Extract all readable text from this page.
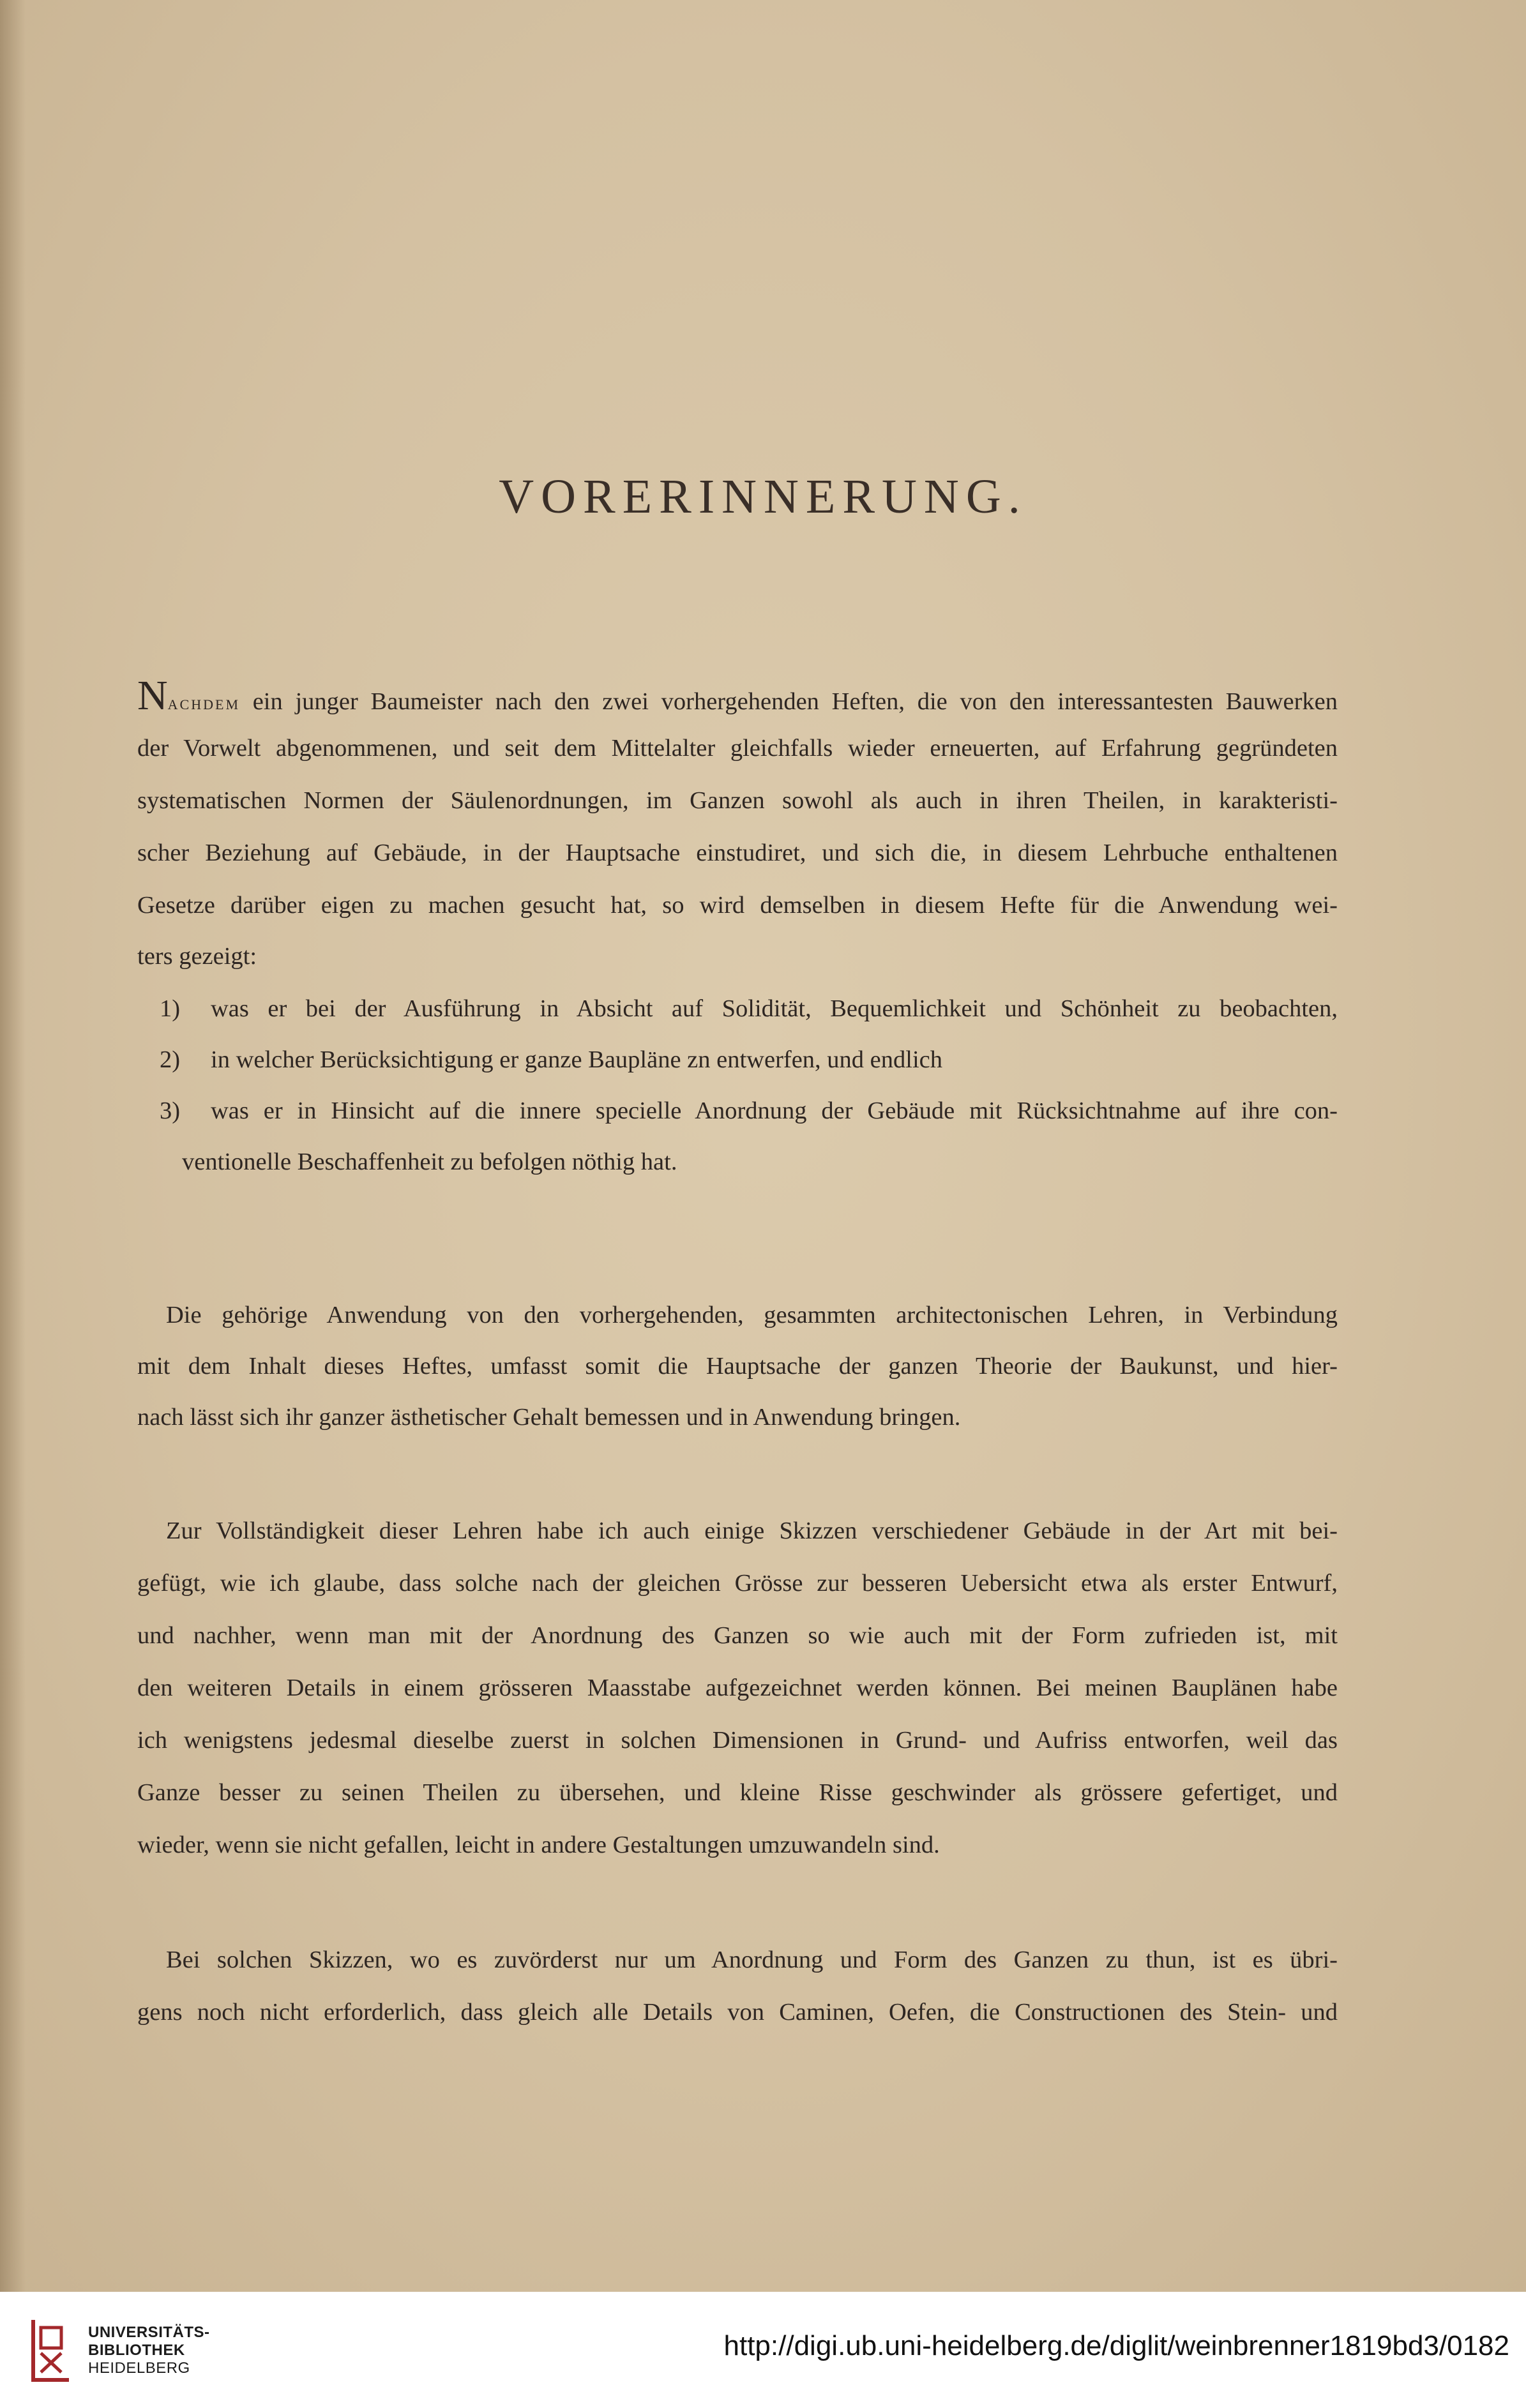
VORERINNERUNG.
Nachdem ein junger Baumeister nach den zwei vorhergehenden Heften, die von den interessantesten Bauwerken
der Vorwelt abgenommenen, und seit dem Mittelalter gleichfalls wieder erneuerten, auf Erfahrung gegründeten
systematischen Normen der Säulenordnungen, im Ganzen sowohl als auch in ihren Theilen, in karakteristi-
scher Beziehung auf Gebäude, in der Hauptsache einstudiret, und sich die, in diesem Lehrbuche enthaltenen
Gesetze darüber eigen zu machen gesucht hat, so wird demselben in diesem Hefte für die Anwendung wei-
ters gezeigt:
1) was er bei der Ausführung in Absicht auf Solidität, Bequemlichkeit und Schönheit zu beobachten,
2) in welcher Berücksichtigung er ganze Baupläne zn entwerfen, und endlich
3) was er in Hinsicht auf die innere specielle Anordnung der Gebäude mit Rücksichtnahme auf ihre con-
ventionelle Beschaffenheit zu befolgen nöthig hat.
Die gehörige Anwendung von den vorhergehenden, gesammten architectonischen Lehren, in Verbindung
mit dem Inhalt dieses Heftes, umfasst somit die Hauptsache der ganzen Theorie der Baukunst, und hier-
nach lässt sich ihr ganzer ästhetischer Gehalt bemessen und in Anwendung bringen.
Zur Vollständigkeit dieser Lehren habe ich auch einige Skizzen verschiedener Gebäude in der Art mit bei-
gefügt, wie ich glaube, dass solche nach der gleichen Grösse zur besseren Uebersicht etwa als erster Entwurf,
und nachher, wenn man mit der Anordnung des Ganzen so wie auch mit der Form zufrieden ist, mit
den weiteren Details in einem grösseren Maasstabe aufgezeichnet werden können. Bei meinen Bauplänen habe
ich wenigstens jedesmal dieselbe zuerst in solchen Dimensionen in Grund- und Aufriss entworfen, weil das
Ganze besser zu seinen Theilen zu übersehen, und kleine Risse geschwinder als grössere gefertiget, und
wieder, wenn sie nicht gefallen, leicht in andere Gestaltungen umzuwandeln sind.
Bei solchen Skizzen, wo es zuvörderst nur um Anordnung und Form des Ganzen zu thun, ist es übri-
gens noch nicht erforderlich, dass gleich alle Details von Caminen, Oefen, die Constructionen des Stein- und
UNIVERSITÄTS-
BIBLIOTHEK
HEIDELBERG
http://digi.ub.uni-heidelberg.de/diglit/weinbrenner1819bd3/0182
